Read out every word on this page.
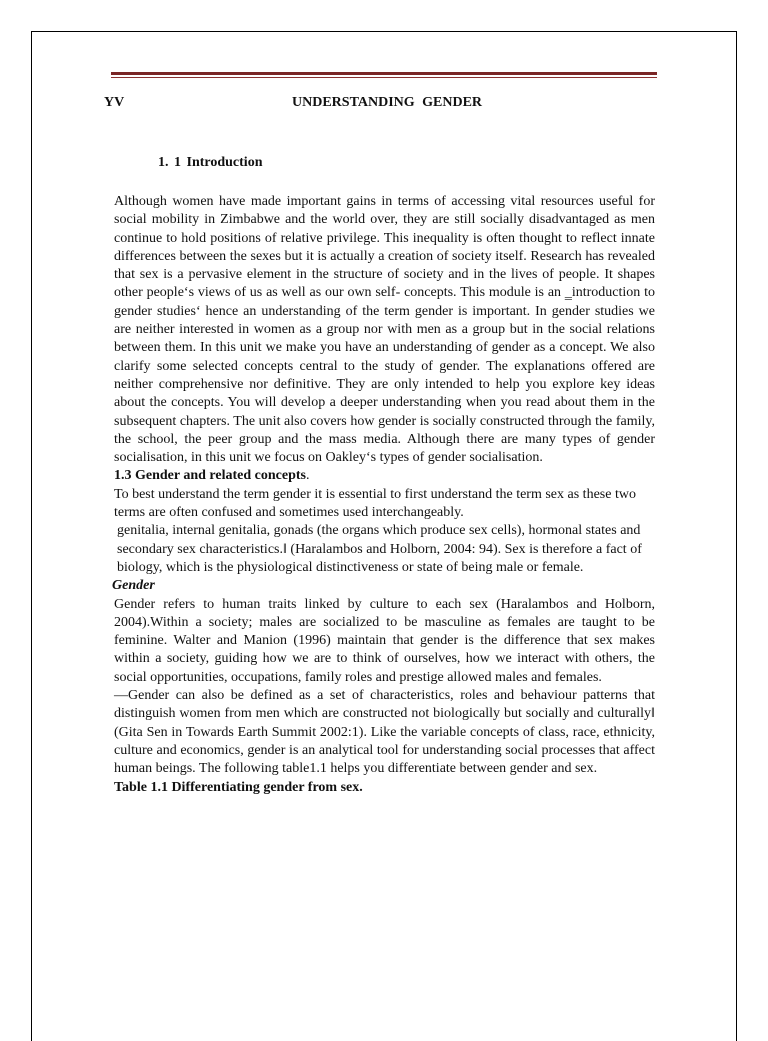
YV	UNDERSTANDING GENDER
1. 1 Introduction

Although women have made important gains in terms of accessing vital resources useful for social mobility in Zimbabwe and the world over, they are still socially disadvantaged as men continue to hold positions of relative privilege. This inequality is often thought to reflect innate differences between the sexes but it is actually a creation of society itself. Research has revealed that sex is a pervasive element in the structure of society and in the lives of people. It shapes other people‘s views of us as well as our own self- concepts. This module is an ‗introduction to gender studies‘ hence an understanding of the term gender is important. In gender studies we are neither interested in women as a group nor with men as a group but in the social relations between them. In this unit we make you have an understanding of gender as a concept. We also clarify some selected concepts central to the study of gender. The explanations offered are neither comprehensive nor definitive. They are only intended to help you explore key ideas about the concepts. You will develop a deeper understanding when you read about them in the subsequent chapters. The unit also covers how gender is socially constructed through the family, the school, the peer group and the mass media. Although there are many types of gender socialisation, in this unit we focus on Oakley‘s types of gender socialisation.

1.3 Gender and related concepts.

To best understand the term gender it is essential to first understand the term sex as these two terms are often confused and sometimes used interchangeably.

genitalia, internal genitalia, gonads (the organs which produce sex cells), hormonal states and secondary sex characteristics.‖ (Haralambos and Holborn, 2004: 94). Sex is therefore a fact of biology, which is the physiological distinctiveness or state of being male or female.

Gender

Gender refers to human traits linked by culture to each sex (Haralambos and Holborn, 2004).Within a society; males are socialized to be masculine as females are taught to be feminine. Walter and Manion (1996) maintain that gender is the difference that sex makes within a society, guiding how we are to think of ourselves, how we interact with others, the social opportunities, occupations, family roles and prestige allowed males and females.

―Gender can also be defined as a set of characteristics, roles and behaviour patterns that distinguish women from men which are constructed not biologically but socially and culturally‖ (Gita Sen in Towards Earth Summit 2002:1). Like the variable concepts of class, race, ethnicity, culture and economics, gender is an analytical tool for understanding social processes that affect human beings. The following table1.1 helps you differentiate between gender and sex.

Table 1.1 Differentiating gender from sex.
